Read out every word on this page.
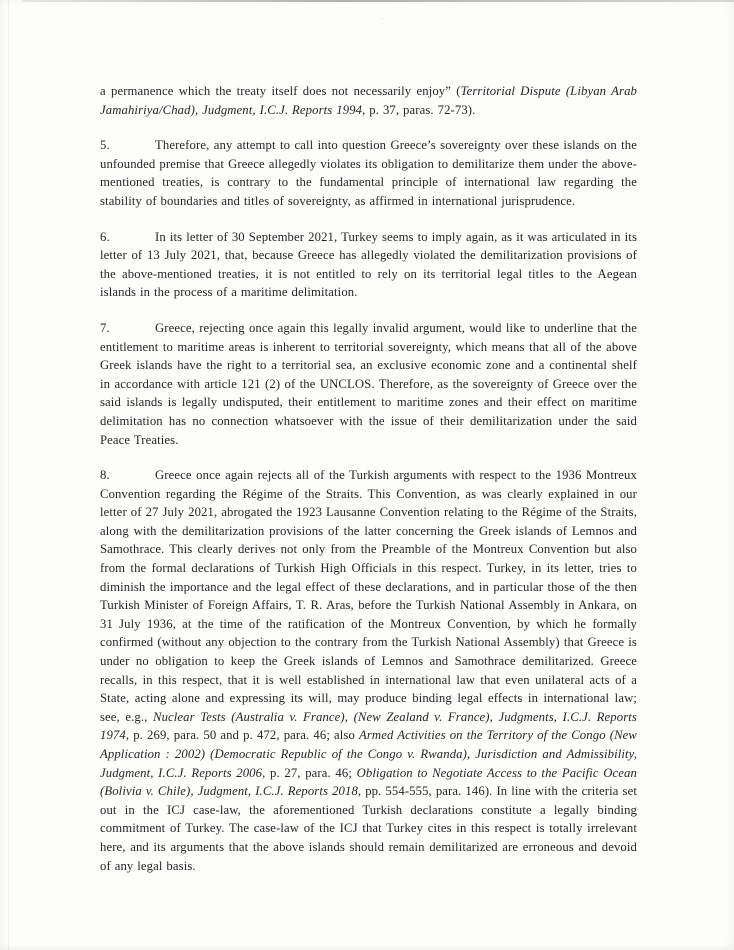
a permanence which the treaty itself does not necessarily enjoy” (Territorial Dispute (Libyan Arab Jamahiriya/Chad), Judgment, I.C.J. Reports 1994, p. 37, paras. 72-73).

5.	Therefore, any attempt to call into question Greece’s sovereignty over these islands on the unfounded premise that Greece allegedly violates its obligation to demilitarize them under the above-mentioned treaties, is contrary to the fundamental principle of international law regarding the stability of boundaries and titles of sovereignty, as affirmed in international jurisprudence.

6.	In its letter of 30 September 2021, Turkey seems to imply again, as it was articulated in its letter of 13 July 2021, that, because Greece has allegedly violated the demilitarization provisions of the above-mentioned treaties, it is not entitled to rely on its territorial legal titles to the Aegean islands in the process of a maritime delimitation.

7.	Greece, rejecting once again this legally invalid argument, would like to underline that the entitlement to maritime areas is inherent to territorial sovereignty, which means that all of the above Greek islands have the right to a territorial sea, an exclusive economic zone and a continental shelf in accordance with article 121 (2) of the UNCLOS. Therefore, as the sovereignty of Greece over the said islands is legally undisputed, their entitlement to maritime zones and their effect on maritime delimitation has no connection whatsoever with the issue of their demilitarization under the said Peace Treaties.

8.	Greece once again rejects all of the Turkish arguments with respect to the 1936 Montreux Convention regarding the Régime of the Straits. This Convention, as was clearly explained in our letter of 27 July 2021, abrogated the 1923 Lausanne Convention relating to the Régime of the Straits, along with the demilitarization provisions of the latter concerning the Greek islands of Lemnos and Samothrace. This clearly derives not only from the Preamble of the Montreux Convention but also from the formal declarations of Turkish High Officials in this respect. Turkey, in its letter, tries to diminish the importance and the legal effect of these declarations, and in particular those of the then Turkish Minister of Foreign Affairs, T. R. Aras, before the Turkish National Assembly in Ankara, on 31 July 1936, at the time of the ratification of the Montreux Convention, by which he formally confirmed (without any objection to the contrary from the Turkish National Assembly) that Greece is under no obligation to keep the Greek islands of Lemnos and Samothrace demilitarized. Greece recalls, in this respect, that it is well established in international law that even unilateral acts of a State, acting alone and expressing its will, may produce binding legal effects in international law; see, e.g., Nuclear Tests (Australia v. France), (New Zealand v. France), Judgments, I.C.J. Reports 1974, p. 269, para. 50 and p. 472, para. 46; also Armed Activities on the Territory of the Congo (New Application : 2002) (Democratic Republic of the Congo v. Rwanda), Jurisdiction and Admissibility, Judgment, I.C.J. Reports 2006, p. 27, para. 46; Obligation to Negotiate Access to the Pacific Ocean (Bolivia v. Chile), Judgment, I.C.J. Reports 2018, pp. 554-555, para. 146). In line with the criteria set out in the ICJ case-law, the aforementioned Turkish declarations constitute a legally binding commitment of Turkey. The case-law of the ICJ that Turkey cites in this respect is totally irrelevant here, and its arguments that the above islands should remain demilitarized are erroneous and devoid of any legal basis.
